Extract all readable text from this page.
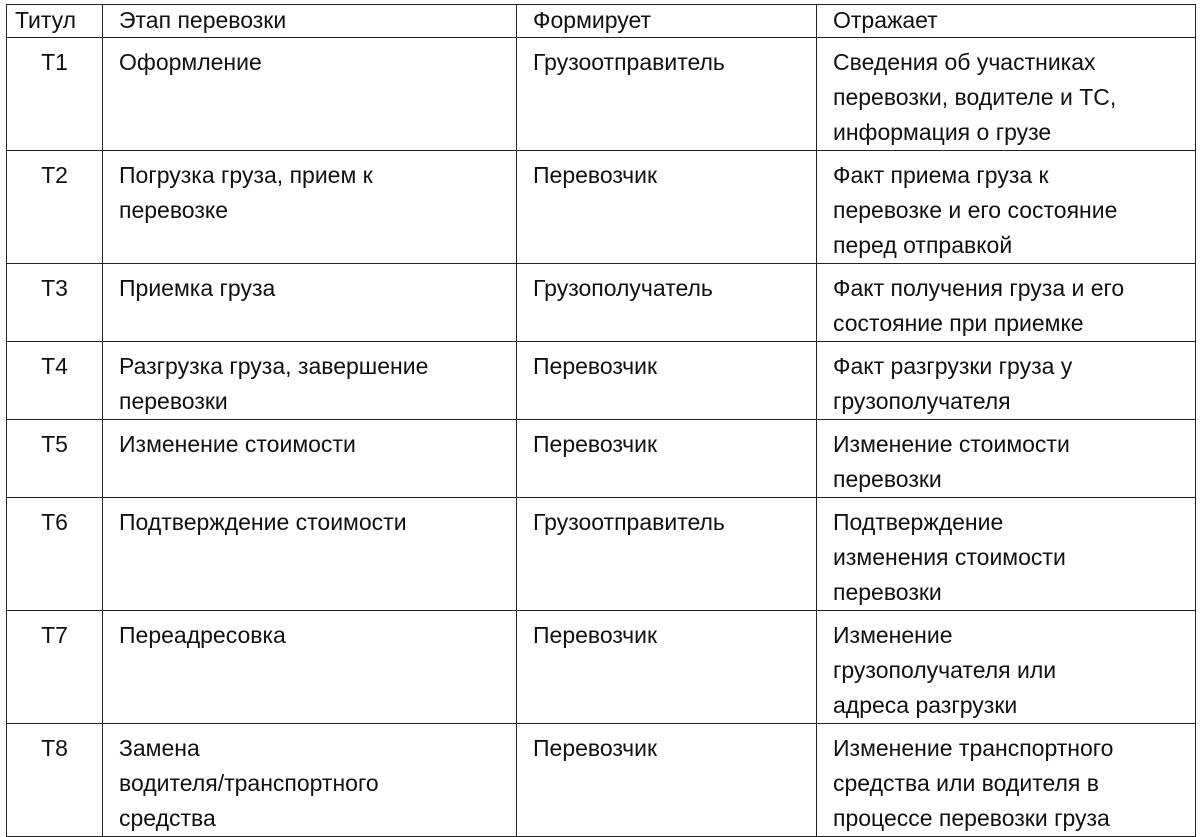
Титул	Этап перевозки	Формирует	Отражает

Т1	Оформление	Грузоотправитель	Сведения об участниках
перевозки, водителе и ТС,
информация о грузе

Т2	Погрузка груза, прием к
перевозке	Перевозчик	Факт приема груза к
перевозке и его состояние
перед отправкой

Т3	Приемка груза	Грузополучатель	Факт получения груза и его
состояние при приемке

Т4	Разгрузка груза, завершение
перевозки	Перевозчик	Факт разгрузки груза у
грузополучателя

Т5	Изменение стоимости	Перевозчик	Изменение стоимости
перевозки

Т6	Подтверждение стоимости	Грузоотправитель	Подтверждение
изменения стоимости
перевозки

Т7	Переадресовка	Перевозчик	Изменение
грузополучателя или
адреса разгрузки

Т8	Замена
водителя/транспортного
средства	Перевозчик	Изменение транспортного
средства или водителя в
процессе перевозки груза
